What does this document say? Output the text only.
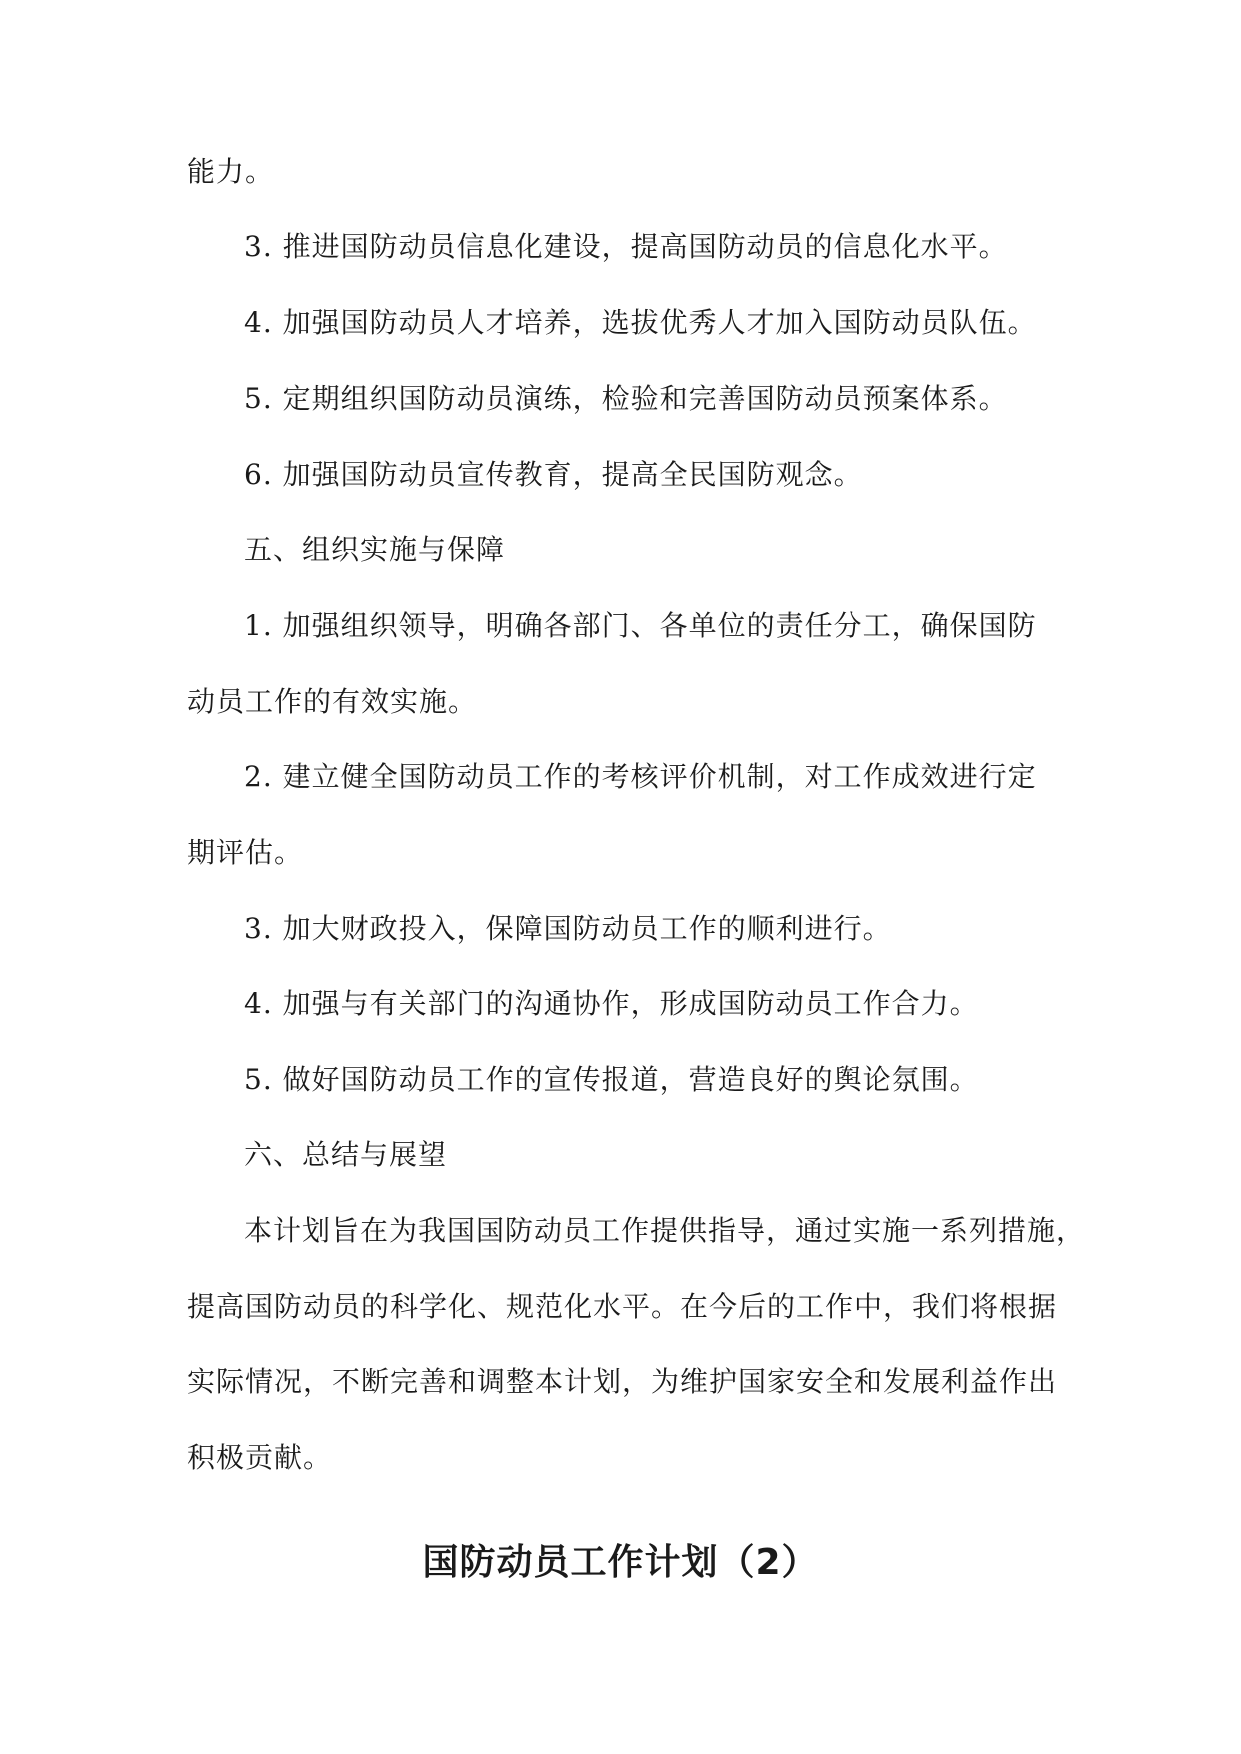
能力。
3. 推进国防动员信息化建设，提高国防动员的信息化水平。
4. 加强国防动员人才培养，选拔优秀人才加入国防动员队伍。
5. 定期组织国防动员演练，检验和完善国防动员预案体系。
6. 加强国防动员宣传教育，提高全民国防观念。
五、组织实施与保障
1. 加强组织领导，明确各部门、各单位的责任分工，确保国防
动员工作的有效实施。
2. 建立健全国防动员工作的考核评价机制，对工作成效进行定
期评估。
3. 加大财政投入，保障国防动员工作的顺利进行。
4. 加强与有关部门的沟通协作，形成国防动员工作合力。
5. 做好国防动员工作的宣传报道，营造良好的舆论氛围。
六、总结与展望
本计划旨在为我国国防动员工作提供指导，通过实施一系列措施，
提高国防动员的科学化、规范化水平。在今后的工作中，我们将根据
实际情况，不断完善和调整本计划，为维护国家安全和发展利益作出
积极贡献。
国防动员工作计划（2）
